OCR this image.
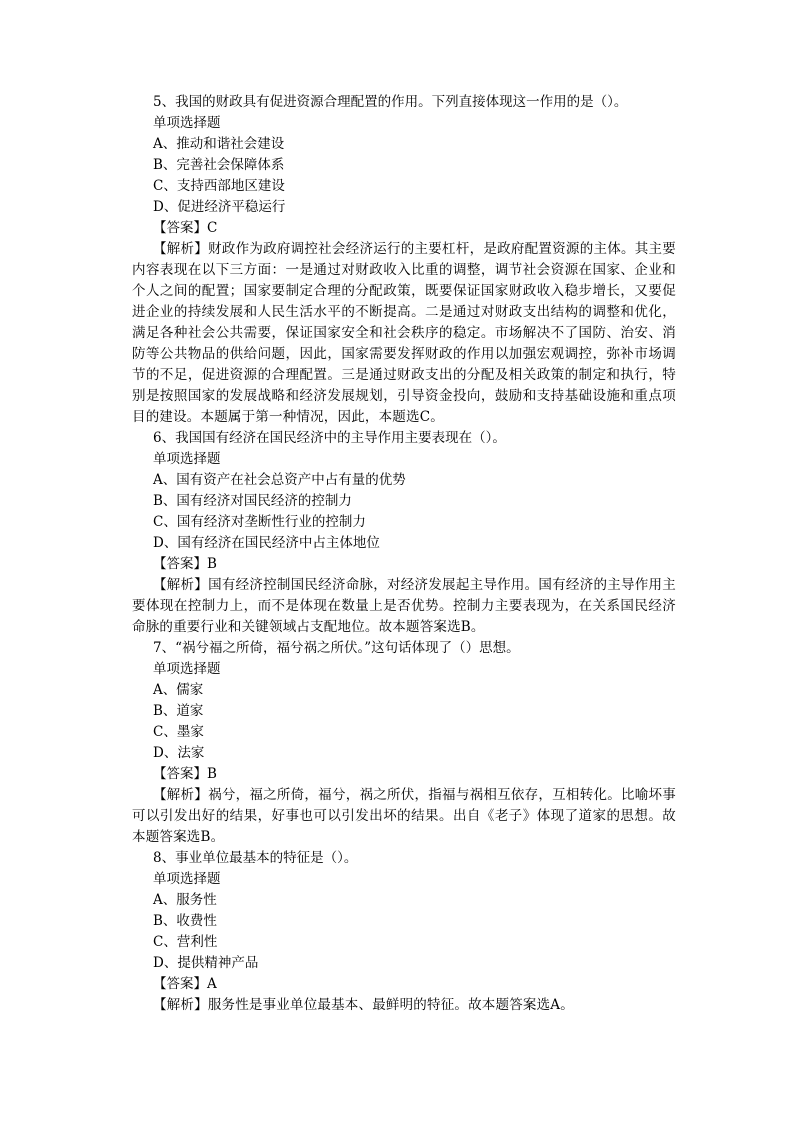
5、我国的财政具有促进资源合理配置的作用。下列直接体现这一作用的是（）。
单项选择题
A、推动和谐社会建设
B、完善社会保障体系
C、支持西部地区建设
D、促进经济平稳运行
【答案】C
【解析】财政作为政府调控社会经济运行的主要杠杆，是政府配置资源的主体。其主要内容表现在以下三方面：一是通过对财政收入比重的调整，调节社会资源在国家、企业和个人之间的配置；国家要制定合理的分配政策，既要保证国家财政收入稳步增长，又要促进企业的持续发展和人民生活水平的不断提高。二是通过对财政支出结构的调整和优化，满足各种社会公共需要，保证国家安全和社会秩序的稳定。市场解决不了国防、治安、消防等公共物品的供给问题，因此，国家需要发挥财政的作用以加强宏观调控，弥补市场调节的不足，促进资源的合理配置。三是通过财政支出的分配及相关政策的制定和执行，特别是按照国家的发展战略和经济发展规划，引导资金投向，鼓励和支持基础设施和重点项目的建设。本题属于第一种情况，因此，本题选C。
6、我国国有经济在国民经济中的主导作用主要表现在（）。
单项选择题
A、国有资产在社会总资产中占有量的优势
B、国有经济对国民经济的控制力
C、国有经济对垄断性行业的控制力
D、国有经济在国民经济中占主体地位
【答案】B
【解析】国有经济控制国民经济命脉，对经济发展起主导作用。国有经济的主导作用主要体现在控制力上，而不是体现在数量上是否优势。控制力主要表现为，在关系国民经济命脉的重要行业和关键领域占支配地位。故本题答案选B。
7、“祸兮福之所倚，福兮祸之所伏。”这句话体现了（）思想。
单项选择题
A、儒家
B、道家
C、墨家
D、法家
【答案】B
【解析】祸兮，福之所倚，福兮，祸之所伏，指福与祸相互依存，互相转化。比喻坏事可以引发出好的结果，好事也可以引发出坏的结果。出自《老子》体现了道家的思想。故本题答案选B。
8、事业单位最基本的特征是（）。
单项选择题
A、服务性
B、收费性
C、营利性
D、提供精神产品
【答案】A
【解析】服务性是事业单位最基本、最鲜明的特征。故本题答案选A。
